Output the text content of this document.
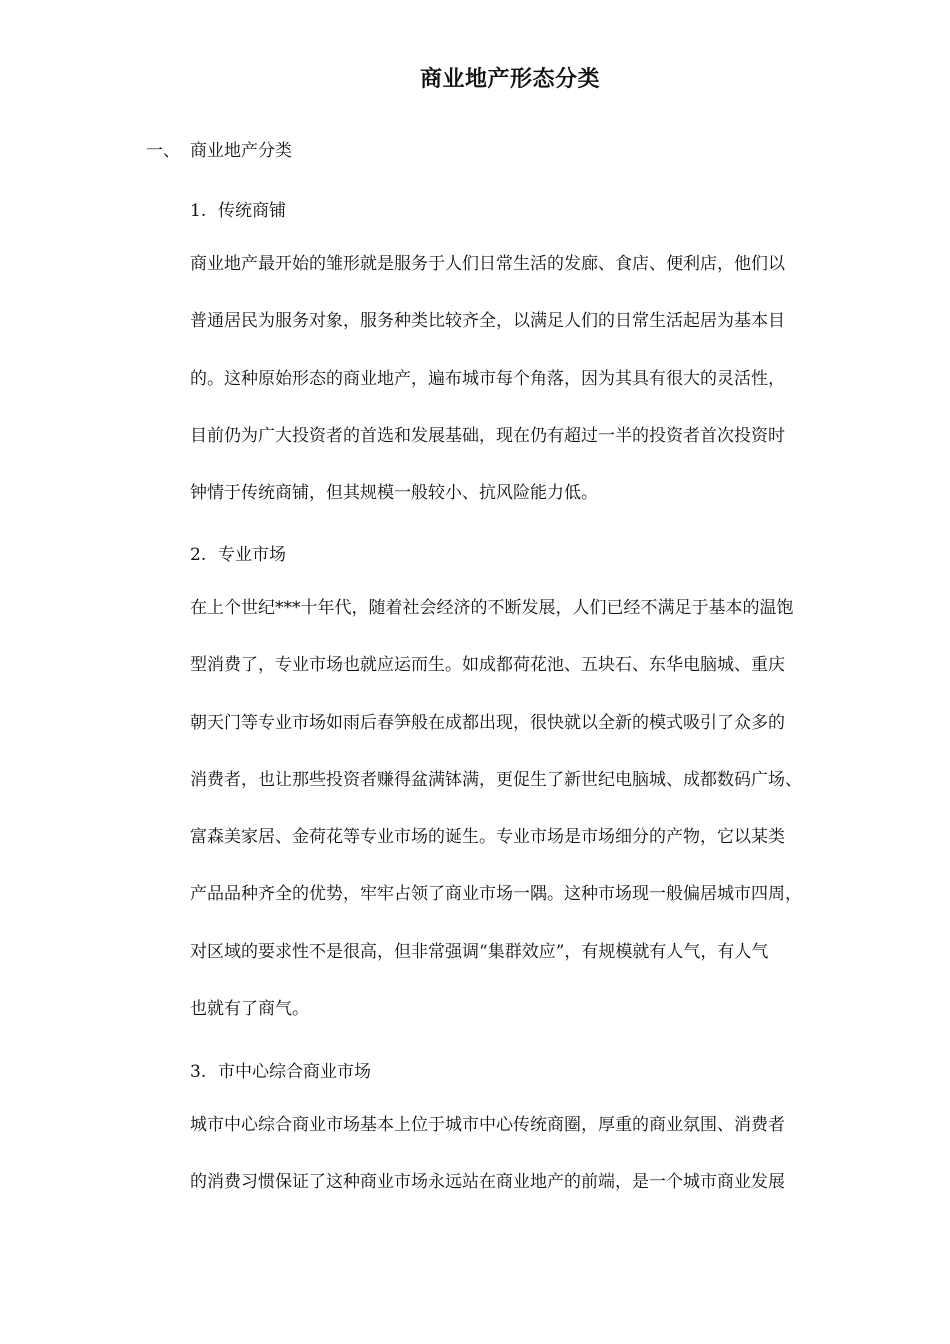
商业地产形态分类
一、 商业地产分类
1. 传统商铺

商业地产最开始的雏形就是服务于人们日常生活的发廊、食店、便利店，他们以
普通居民为服务对象，服务种类比较齐全，以满足人们的日常生活起居为基本目
的。这种原始形态的商业地产，遍布城市每个角落，因为其具有很大的灵活性，
目前仍为广大投资者的首选和发展基础，现在仍有超过一半的投资者首次投资时
钟情于传统商铺，但其规模一般较小、抗风险能力低。

2. 专业市场

在上个世纪***十年代，随着社会经济的不断发展，人们已经不满足于基本的温饱
型消费了，专业市场也就应运而生。如成都荷花池、五块石、东华电脑城、重庆
朝天门等专业市场如雨后春笋般在成都出现，很快就以全新的模式吸引了众多的
消费者，也让那些投资者赚得盆满钵满，更促生了新世纪电脑城、成都数码广场、
富森美家居、金荷花等专业市场的诞生。专业市场是市场细分的产物，它以某类
产品品种齐全的优势，牢牢占领了商业市场一隅。这种市场现一般偏居城市四周，
对区域的要求性不是很高，但非常强调“集群效应”，有规模就有人气，有人气
也就有了商气。

3. 市中心综合商业市场

城市中心综合商业市场基本上位于城市中心传统商圈，厚重的商业氛围、消费者
的消费习惯保证了这种商业市场永远站在商业地产的前端，是一个城市商业发展
